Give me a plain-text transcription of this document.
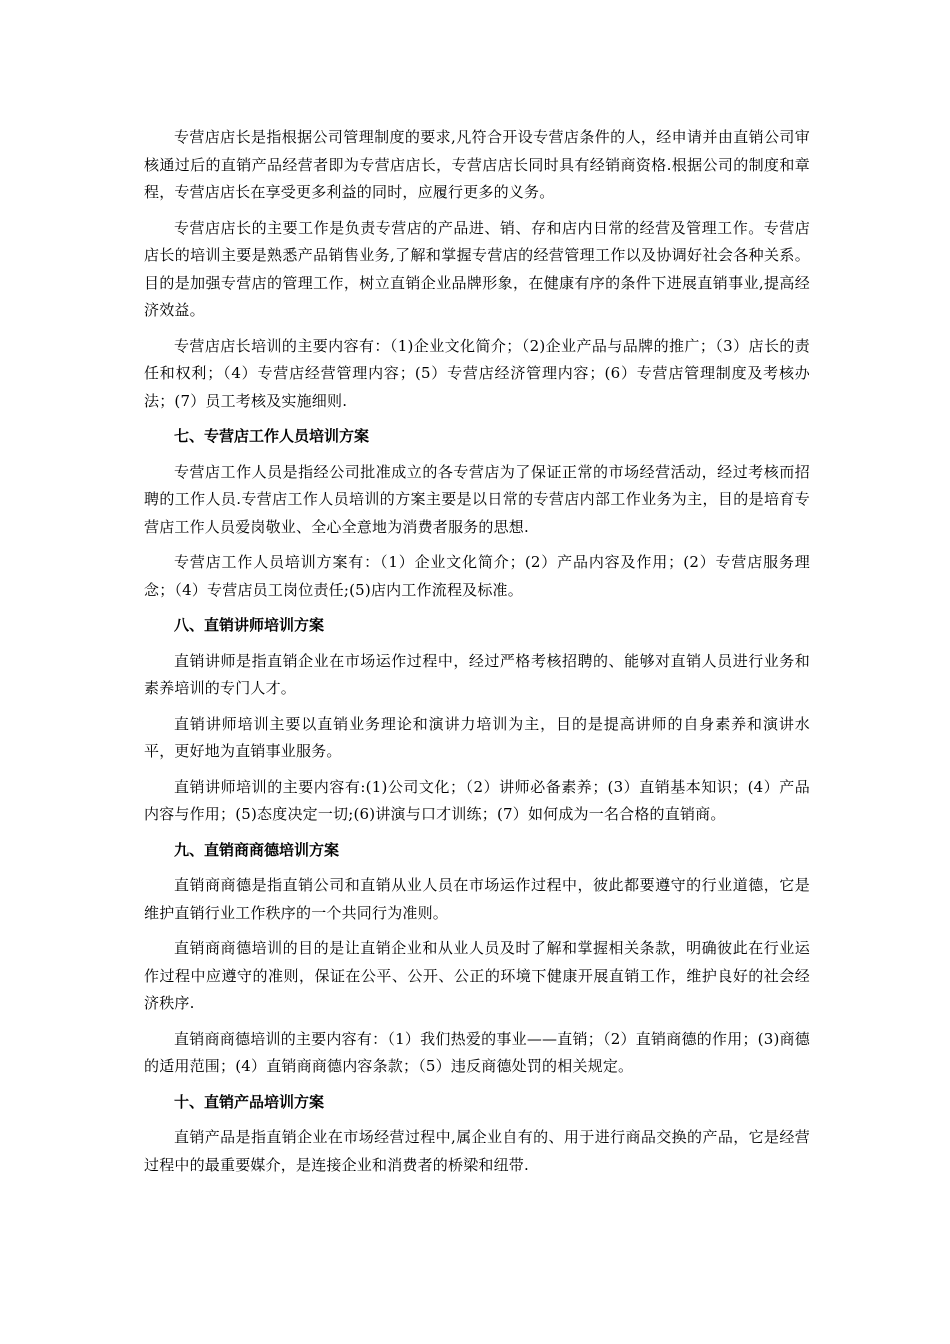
专营店店长是指根据公司管理制度的要求,凡符合开设专营店条件的人，经申请并由直销公司审核通过后的直销产品经营者即为专营店店长，专营店店长同时具有经销商资格.根据公司的制度和章程，专营店店长在享受更多利益的同时，应履行更多的义务。

专营店店长的主要工作是负责专营店的产品进、销、存和店内日常的经营及管理工作。专营店店长的培训主要是熟悉产品销售业务,了解和掌握专营店的经营管理工作以及协调好社会各种关系。目的是加强专营店的管理工作，树立直销企业品牌形象，在健康有序的条件下进展直销事业,提高经济效益。

专营店店长培训的主要内容有：（1)企业文化简介；（2)企业产品与品牌的推广；（3）店长的责任和权利；（4）专营店经营管理内容；(5）专营店经济管理内容；(6）专营店管理制度及考核办法；(7）员工考核及实施细则.

七、专营店工作人员培训方案

专营店工作人员是指经公司批准成立的各专营店为了保证正常的市场经营活动，经过考核而招聘的工作人员.专营店工作人员培训的方案主要是以日常的专营店内部工作业务为主，目的是培育专营店工作人员爱岗敬业、全心全意地为消费者服务的思想.

专营店工作人员培训方案有：（1）企业文化简介；(2）产品内容及作用；(2）专营店服务理念；（4）专营店员工岗位责任;(5)店内工作流程及标准。

八、直销讲师培训方案

直销讲师是指直销企业在市场运作过程中，经过严格考核招聘的、能够对直销人员进行业务和素养培训的专门人才。

直销讲师培训主要以直销业务理论和演讲力培训为主，目的是提高讲师的自身素养和演讲水平，更好地为直销事业服务。

直销讲师培训的主要内容有:(1)公司文化；（2）讲师必备素养；(3）直销基本知识；(4）产品内容与作用；(5)态度决定一切;(6)讲演与口才训练；(7）如何成为一名合格的直销商。

九、直销商商德培训方案

直销商商德是指直销公司和直销从业人员在市场运作过程中，彼此都要遵守的行业道德，它是维护直销行业工作秩序的一个共同行为准则。

直销商商德培训的目的是让直销企业和从业人员及时了解和掌握相关条款，明确彼此在行业运作过程中应遵守的准则，保证在公平、公开、公正的环境下健康开展直销工作，维护良好的社会经济秩序.

直销商商德培训的主要内容有：（1）我们热爱的事业——直销；（2）直销商德的作用；(3)商德的适用范围；(4）直销商商德内容条款；（5）违反商德处罚的相关规定。

十、直销产品培训方案

直销产品是指直销企业在市场经营过程中,属企业自有的、用于进行商品交换的产品，它是经营过程中的最重要媒介，是连接企业和消费者的桥梁和纽带.
